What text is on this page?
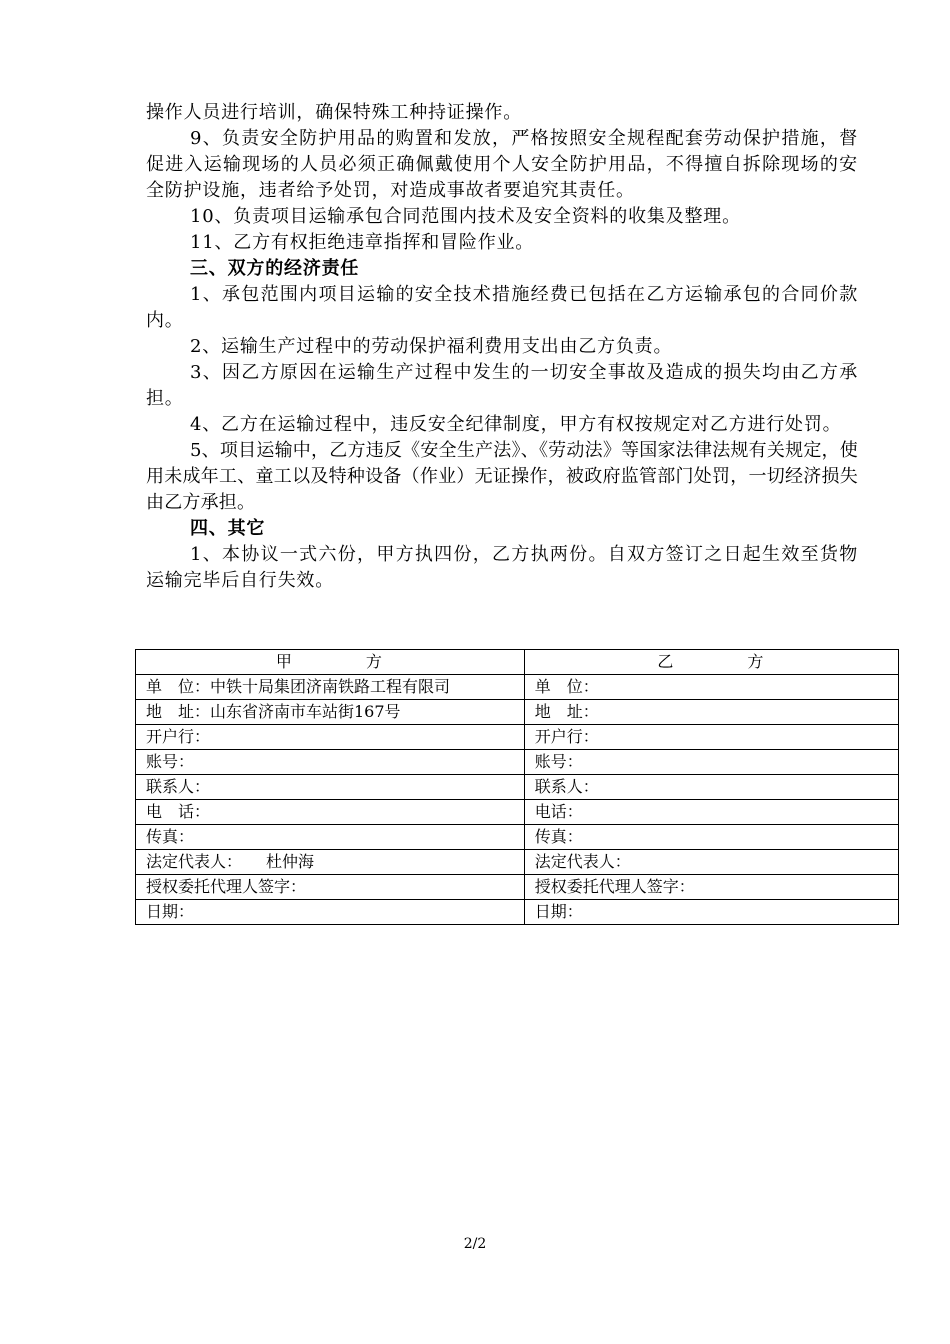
操作人员进行培训，确保特殊工种持证操作。

9、负责安全防护用品的购置和发放，严格按照安全规程配套劳动保护措施，督促进入运输现场的人员必须正确佩戴使用个人安全防护用品，不得擅自拆除现场的安全防护设施，违者给予处罚，对造成事故者要追究其责任。

10、负责项目运输承包合同范围内技术及安全资料的收集及整理。

11、乙方有权拒绝违章指挥和冒险作业。

三、双方的经济责任

1、承包范围内项目运输的安全技术措施经费已包括在乙方运输承包的合同价款内。

2、运输生产过程中的劳动保护福利费用支出由乙方负责。

3、因乙方原因在运输生产过程中发生的一切安全事故及造成的损失均由乙方承担。

4、乙方在运输过程中，违反安全纪律制度，甲方有权按规定对乙方进行处罚。

5、项目运输中，乙方违反《安全生产法》、《劳动法》等国家法律法规有关规定，使用未成年工、童工以及特种设备（作业）无证操作，被政府监管部门处罚，一切经济损失由乙方承担。

四、其它

1、本协议一式六份，甲方执四份，乙方执两份。自双方签订之日起生效至货物运输完毕后自行失效。

甲　　　　方	乙　　　　方
单　位：中铁十局集团济南铁路工程有限司	单　位：
地　址：山东省济南市车站街167号	地　址：
开户行：	开户行：
账号：	账号：
联系人：	联系人：
电　话：	电话：
传真：	传真：
法定代表人：　　杜仲海	法定代表人：
授权委托代理人签字：	授权委托代理人签字：
日期：	日期：
2/2
